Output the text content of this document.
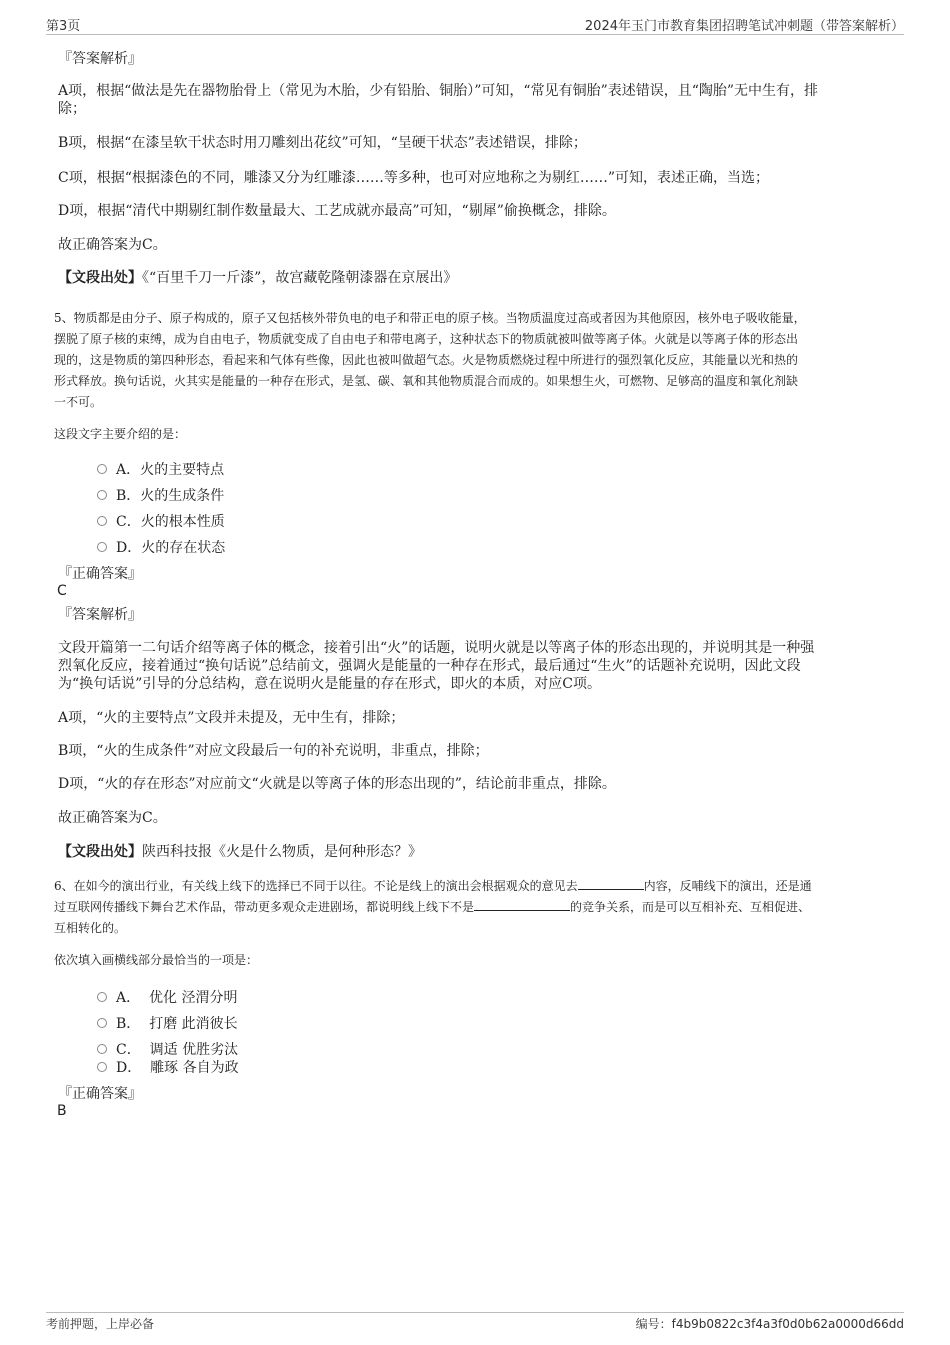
第3页	2024年玉门市教育集团招聘笔试冲刺题（带答案解析）
『答案解析』
A项，根据“做法是先在器物胎骨上（常见为木胎，少有铅胎、铜胎）”可知，“常见有铜胎”表述错误，且“陶胎”无中生有，排
除；
B项，根据“在漆呈软干状态时用刀雕刻出花纹”可知，“呈硬干状态”表述错误，排除；
C项，根据“根据漆色的不同，雕漆又分为红雕漆……等多种，也可对应地称之为剔红……”可知，表述正确，当选；
D项，根据“清代中期剔红制作数量最大、工艺成就亦最高”可知，“剔犀”偷换概念，排除。
故正确答案为C。
【文段出处】《“百里千刀一斤漆”，故宫藏乾隆朝漆器在京展出》
5、物质都是由分子、原子构成的，原子又包括核外带负电的电子和带正电的原子核。当物质温度过高或者因为其他原因，核外电子吸收能量，
摆脱了原子核的束缚，成为自由电子，物质就变成了自由电子和带电离子，这种状态下的物质就被叫做等离子体。火就是以等离子体的形态出
现的，这是物质的第四种形态，看起来和气体有些像，因此也被叫做超气态。火是物质燃烧过程中所进行的强烈氧化反应，其能量以光和热的
形式释放。换句话说，火其实是能量的一种存在形式，是氢、碳、氧和其他物质混合而成的。如果想生火，可燃物、足够高的温度和氧化剂缺
一不可。
这段文字主要介绍的是：
A．火的主要特点
B．火的生成条件
C．火的根本性质
D．火的存在状态
『正确答案』
C
『答案解析』
文段开篇第一二句话介绍等离子体的概念，接着引出“火”的话题，说明火就是以等离子体的形态出现的，并说明其是一种强
烈氧化反应，接着通过“换句话说”总结前文，强调火是能量的一种存在形式，最后通过“生火”的话题补充说明，因此文段
为“换句话说”引导的分总结构，意在说明火是能量的存在形式，即火的本质，对应C项。
A项，“火的主要特点”文段并未提及，无中生有，排除；
B项，“火的生成条件”对应文段最后一句的补充说明，非重点，排除；
D项，“火的存在形态”对应前文“火就是以等离子体的形态出现的”，结论前非重点，排除。
故正确答案为C。
【文段出处】陕西科技报《火是什么物质，是何种形态？》
6、在如今的演出行业，有关线上线下的选择已不同于以往。不论是线上的演出会根据观众的意见去	内容，反哺线下的演出，还是通
过互联网传播线下舞台艺术作品，带动更多观众走进剧场，都说明线上线下不是	的竞争关系，而是可以互相补充、互相促进、
互相转化的。
依次填入画横线部分最恰当的一项是：
A． 优化 泾渭分明
B． 打磨 此消彼长
C． 调适 优胜劣汰
D． 雕琢 各自为政
『正确答案』
B
考前押题，上岸必备	编号：f4b9b0822c3f4a3f0d0b62a0000d66dd
